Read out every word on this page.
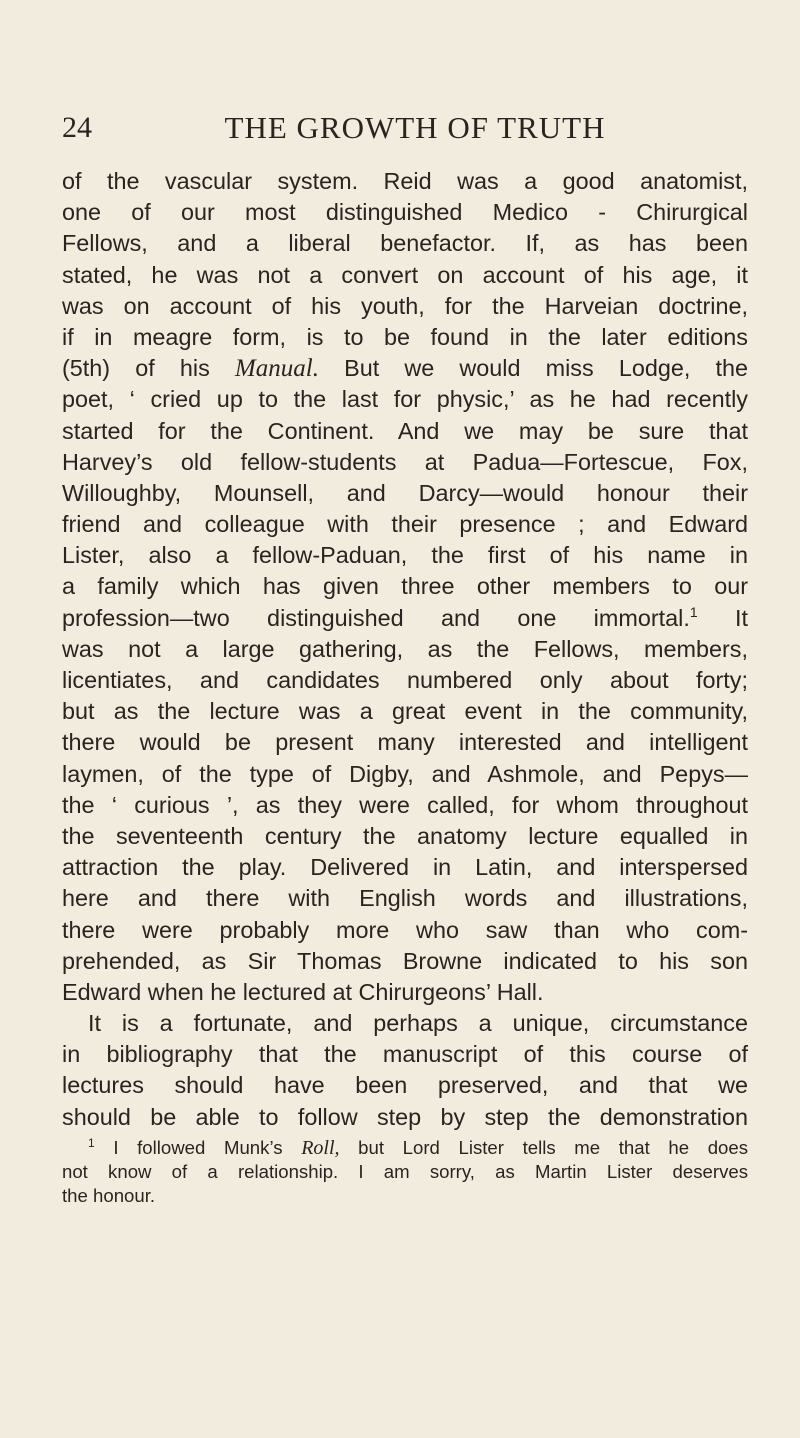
24	THE GROWTH OF TRUTH
of the vascular system. Reid was a good anatomist,
one of our most distinguished Medico - Chirurgical
Fellows, and a liberal benefactor. If, as has been
stated, he was not a convert on account of his age, it
was on account of his youth, for the Harveian doctrine,
if in meagre form, is to be found in the later editions
(5th) of his Manual. But we would miss Lodge, the
poet, ‘ cried up to the last for physic,’ as he had recently
started for the Continent. And we may be sure that
Harvey’s old fellow-students at Padua—Fortescue, Fox,
Willoughby, Mounsell, and Darcy—would honour their
friend and colleague with their presence ; and Edward
Lister, also a fellow-Paduan, the first of his name in
a family which has given three other members to our
profession—two distinguished and one immortal.$^1$ It
was not a large gathering, as the Fellows, members,
licentiates, and candidates numbered only about forty;
but as the lecture was a great event in the community,
there would be present many interested and intelligent
laymen, of the type of Digby, and Ashmole, and Pepys—
the ‘ curious ’, as they were called, for whom throughout
the seventeenth century the anatomy lecture equalled in
attraction the play. Delivered in Latin, and interspersed
here and there with English words and illustrations,
there were probably more who saw than who com-
prehended, as Sir Thomas Browne indicated to his son
Edward when he lectured at Chirurgeons’ Hall.
It is a fortunate, and perhaps a unique, circumstance
in bibliography that the manuscript of this course of
lectures should have been preserved, and that we
should be able to follow step by step the demonstration
$^1$ I followed Munk’s Roll, but Lord Lister tells me that he does
not know of a relationship. I am sorry, as Martin Lister deserves
the honour.
